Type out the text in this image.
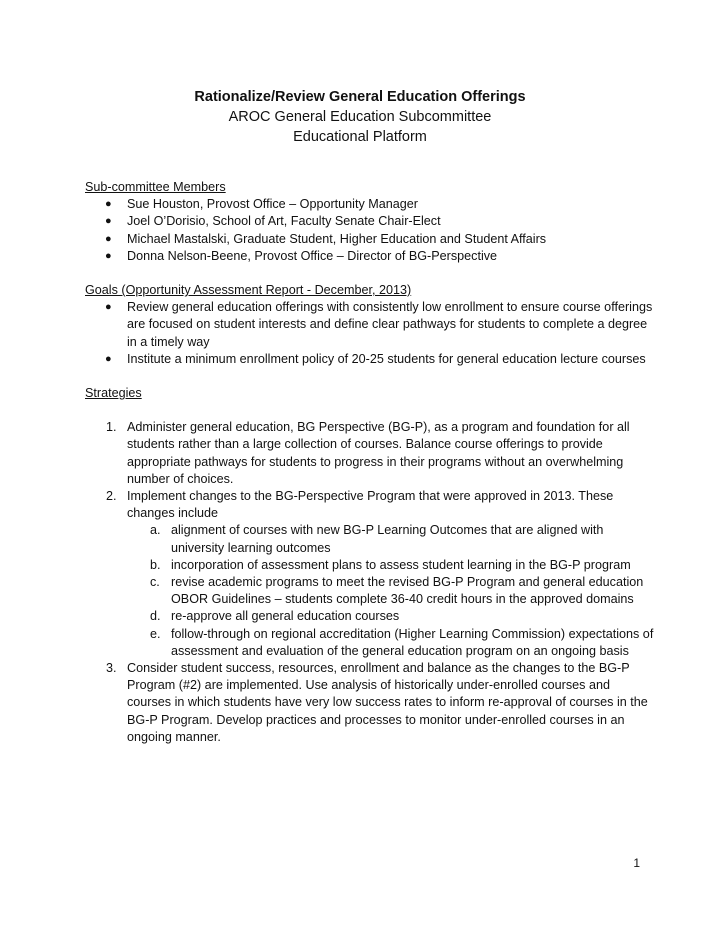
Rationalize/Review General Education Offerings
AROC General Education Subcommittee
Educational Platform
Sub-committee Members
● Sue Houston, Provost Office – Opportunity Manager
● Joel O’Dorisio, School of Art, Faculty Senate Chair-Elect
● Michael Mastalski, Graduate Student, Higher Education and Student Affairs
● Donna Nelson-Beene, Provost Office – Director of BG-Perspective
Goals (Opportunity Assessment Report - December, 2013)
● Review general education offerings with consistently low enrollment to ensure course offerings are focused on student interests and define clear pathways for students to complete a degree in a timely way
● Institute a minimum enrollment policy of 20-25 students for general education lecture courses
Strategies
1. Administer general education, BG Perspective (BG-P), as a program and foundation for all students rather than a large collection of courses. Balance course offerings to provide appropriate pathways for students to progress in their programs without an overwhelming number of choices.
2. Implement changes to the BG-Perspective Program that were approved in 2013. These changes include
a. alignment of courses with new BG-P Learning Outcomes that are aligned with university learning outcomes
b. incorporation of assessment plans to assess student learning in the BG-P program
c. revise academic programs to meet the revised BG-P Program and general education OBOR Guidelines – students complete 36-40 credit hours in the approved domains
d. re-approve all general education courses
e. follow-through on regional accreditation (Higher Learning Commission) expectations of assessment and evaluation of the general education program on an ongoing basis
3. Consider student success, resources, enrollment and balance as the changes to the BG-P Program (#2) are implemented. Use analysis of historically under-enrolled courses and courses in which students have very low success rates to inform re-approval of courses in the BG-P Program. Develop practices and processes to monitor under-enrolled courses in an ongoing manner.
1
